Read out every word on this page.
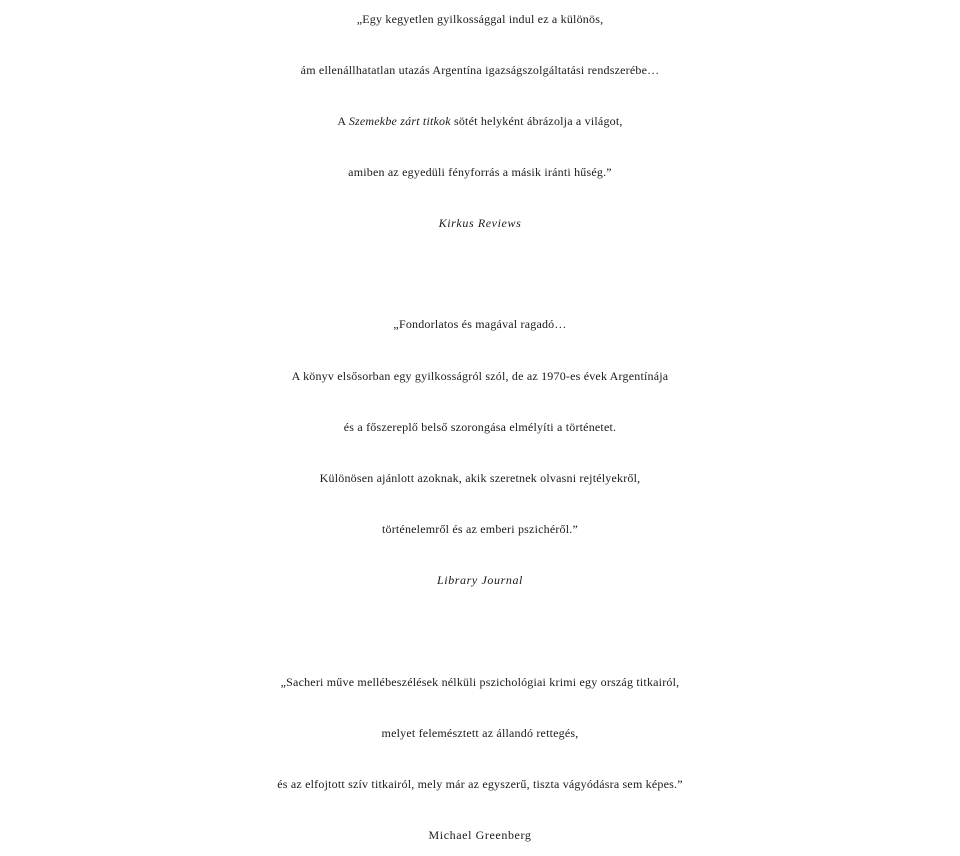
„Egy kegyetlen gyilkossággal indul ez a különös,
ám ellenállhatatlan utazás Argentína igazságszolgáltatási rendszerébe…
A Szemekbe zárt titkok sötét helyként ábrázolja a világot,
amiben az egyedüli fényforrás a másik iránti hűség.”
Kirkus Reviews
„Fondorlatos és magával ragadó…
A könyv elsősorban egy gyilkosságról szól, de az 1970-es évek Argentínája
és a főszereplő belső szorongása elmélyíti a történetet.
Különösen ajánlott azoknak, akik szeretnek olvasni rejtélyekről,
történelemről és az emberi pszichéről.”
Library Journal
„Sacheri műve mellébeszélések nélküli pszichológiai krimi egy ország titkairól,
melyet felemésztett az állandó rettegés,
és az elfojtott szív titkairól, mely már az egyszerű, tiszta vágyódásra sem képes.”
Michael Greenberg
